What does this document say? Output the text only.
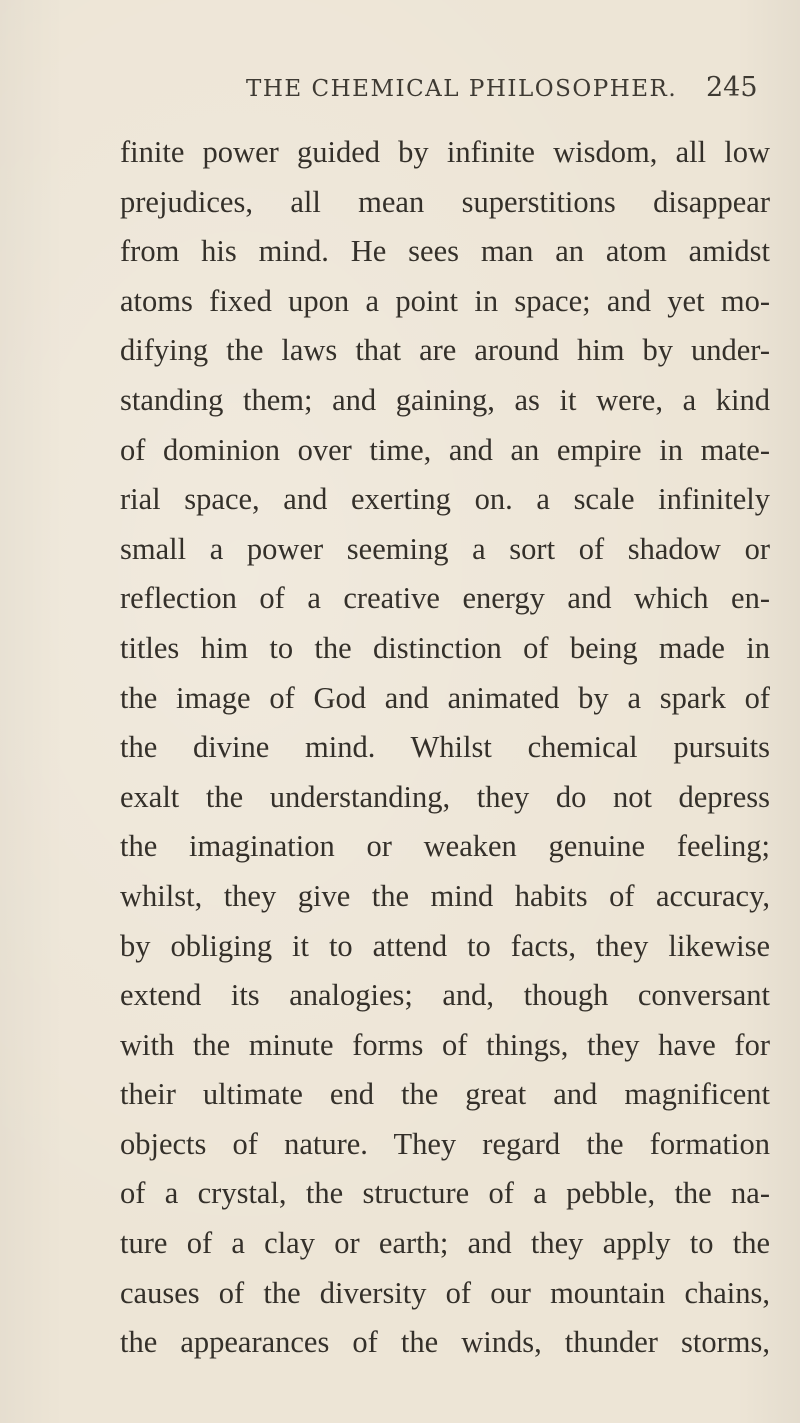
THE CHEMICAL PHILOSOPHER. 245
finite power guided by infinite wisdom, all low
prejudices, all mean superstitions disappear
from his mind. He sees man an atom amidst
atoms fixed upon a point in space; and yet mo-
difying the laws that are around him by under-
standing them; and gaining, as it were, a kind
of dominion over time, and an empire in mate-
rial space, and exerting on. a scale infinitely
small a power seeming a sort of shadow or
reflection of a creative energy and which en-
titles him to the distinction of being made in
the image of God and animated by a spark of
the divine mind. Whilst chemical pursuits
exalt the understanding, they do not depress
the imagination or weaken genuine feeling;
whilst, they give the mind habits of accuracy,
by obliging it to attend to facts, they likewise
extend its analogies; and, though conversant
with the minute forms of things, they have for
their ultimate end the great and magnificent
objects of nature. They regard the formation
of a crystal, the structure of a pebble, the na-
ture of a clay or earth; and they apply to the
causes of the diversity of our mountain chains,
the appearances of the winds, thunder storms,
